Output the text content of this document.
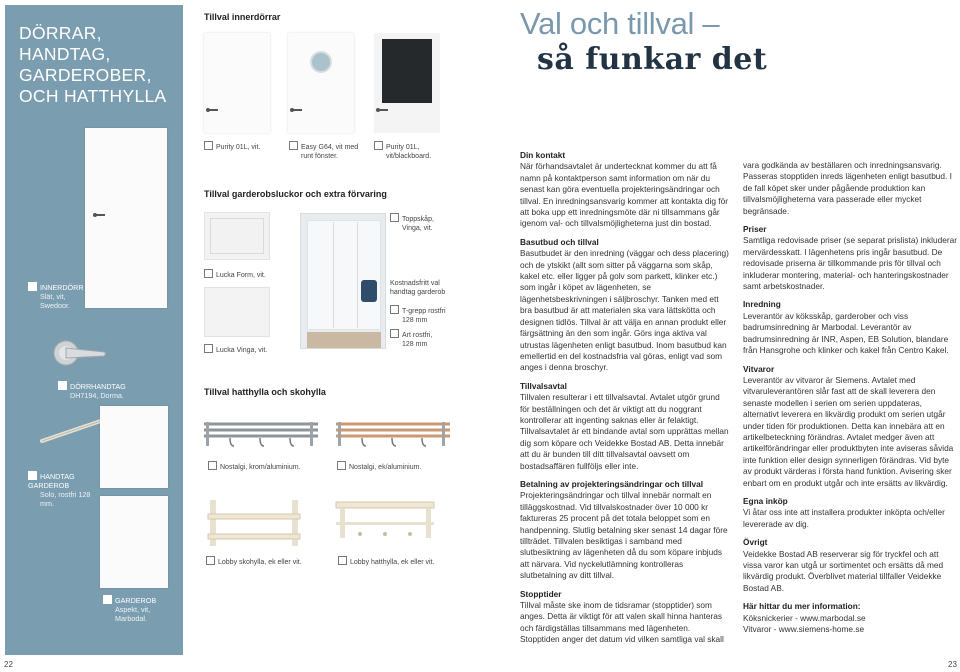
22	23
DÖRRAR, HANDTAG, GARDEROBER, OCH HATTHYLLA
INNERDÖRR
Slät, vit, Swedoor.
DÖRRHANDTAG
DH7194, Dorma.
HANDTAG GARDEROB
Solo, rostfri 128 mm.
GARDEROB
Aspekt, vit, Marbodal.
Tillval innerdörrar
Purity 01L, vit.	Easy G64, vit med
runt fönster.
Purity 01L,
vit/blackboard.
Tillval garderobsluckor och extra förvaring
Toppskåp,
Vinga, vit.
Lucka Form, vit.
Lucka Vinga, vit.
Kostnadsfritt val
handtag garderob
T-grepp rostfri
128 mm
Art rostfri,
128 mm
Tillval hatthylla och skohylla
Nostalgi, krom/aluminium.	Nostalgi, ek/aluminium.
Lobby skohylla, ek eller vit.	Lobby hatthylla, ek eller vit.
Val och tillval –
så funkar det
Din kontakt

När förhandsavtalet är undertecknat kommer du att få namn på kontaktperson samt information om när du senast kan göra eventuella projekteringsändringar och tillval. En inredningsansvarig kommer att kontakta dig för att boka upp ett inredningsmöte där ni tillsammans går igenom val- och tillvalsmöjligheterna just din bostad.

Basutbud och tillval

Basutbudet är den inredning (väggar och dess placering) och de ytskikt (allt som sitter på väggarna som skåp, kakel etc. eller ligger på golv som parkett, klinker etc.) som ingår i köpet av lägenheten, se lägenhetsbeskrivningen i säljbroschyr. Tanken med ett bra basutbud är att materialen ska vara lättskötta och designen tidlös. Tillval är att välja en annan produkt eller färgsättning än den som ingår. Görs inga aktiva val utrustas lägenheten enligt basutbud. Inom basutbud kan emellertid en del kostnadsfria val göras, enligt vad som anges i denna broschyr.

Tillvalsavtal

Tillvalen resulterar i ett tillvalsavtal. Avtalet utgör grund för beställningen och det är viktigt att du noggrant kontrollerar att ingenting saknas eller är felaktigt. Tillvalsavtalet är ett bindande avtal som upprättas mellan dig som köpare och Veidekke Bostad AB. Detta innebär att du är bunden till ditt tillvalsavtal oavsett om bostadsaffären fullföljs eller inte.

Betalning av projekteringsändringar och tillval

Projekteringsändringar och tillval innebär normalt en tilläggskostnad. Vid tillvalskostnader över 10 000 kr faktureras 25 procent på det totala beloppet som en handpenning. Slutlig betalning sker senast 14 dagar före tillträdet. Tillvalen besiktigas i samband med slutbesiktning av lägenheten då du som köpare inbjuds att närvara. Vid nyckelutlämning kontrolleras slutbetalning av ditt tillval.

Stopptider

Tillval måste ske inom de tidsramar (stopptider) som anges. Detta är viktigt för att valen skall hinna hanteras och färdigställas tillsammans med lägenheten. Stopptiden anger det datum vid vilken samtliga val skall

vara godkända av beställaren och inredningsansvarig. Passeras stopptiden inreds lägenheten enligt basutbud. I de fall köpet sker under pågående produktion kan tillvalsmöjligheterna vara passerade eller mycket begränsade.

Priser

Samtliga redovisade priser (se separat prislista) inkluderar mervärdesskatt. I lägenhetens pris ingår basutbud. De redovisade priserna är tillkommande pris för tillval och inkluderar montering, material- och hanteringskostnader samt arbetskostnader.

Inredning

Leverantör av köksskåp, garderober och viss badrumsinredning är Marbodal. Leverantör av badrumsinredning är INR, Aspen, EB Solution, blandare från Hansgrohe och klinker och kakel från Centro Kakel.

Vitvaror

Leverantör av vitvaror är Siemens. Avtalet med vitvaruleverantören slår fast att de skall leverera den senaste modellen i serien om serien uppdateras, alternativt leverera en likvärdig produkt om serien utgår under tiden för produktionen. Detta kan innebära att en artikelbeteckning förändras. Avtalet medger även att artikelförändringar eller produktbyten inte aviseras såvida inte funktion eller design synnerligen förändras. Vid byte av produkt värderas i första hand funktion. Avisering sker enbart om en produkt utgår och inte ersätts av likvärdig.

Egna inköp

Vi åtar oss inte att installera produkter inköpta och/eller levererade av dig.

Övrigt

Veidekke Bostad AB reserverar sig för tryckfel och att vissa varor kan utgå ur sortimentet och ersätts då med likvärdig produkt. Överblivet material tillfaller Veidekke Bostad AB.

Här hittar du mer information:

Köksnickerier - www.marbodal.se
Vitvaror - www.siemens-home.se
